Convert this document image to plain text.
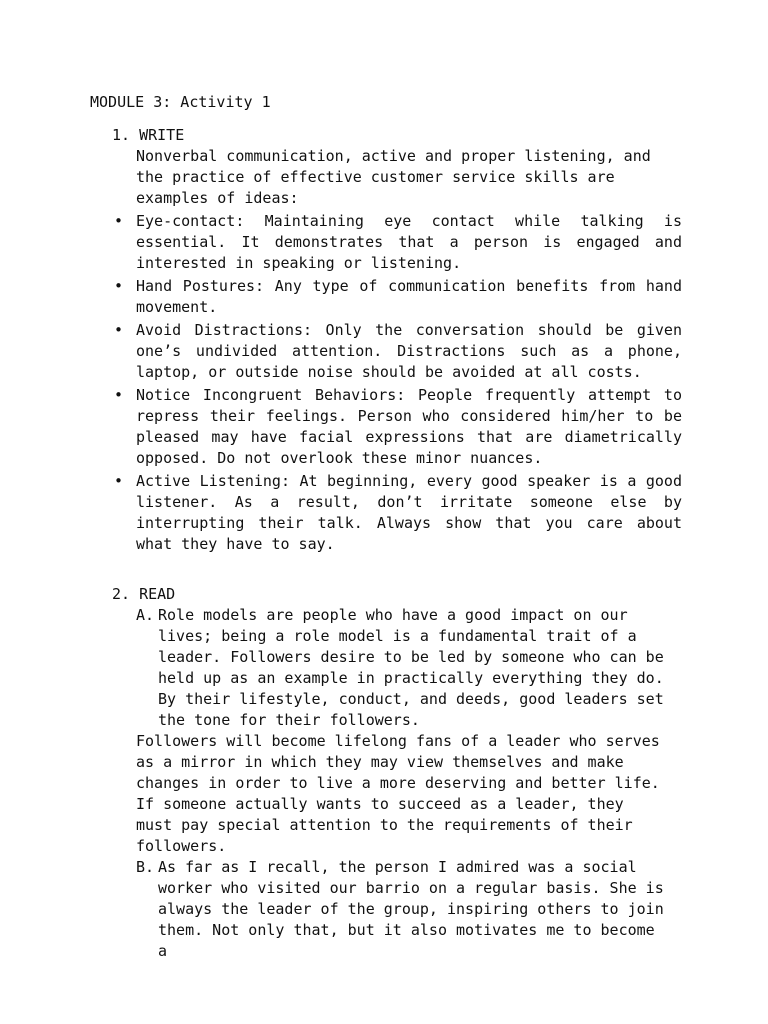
MODULE 3: Activity 1
1. WRITE
Nonverbal communication, active and proper listening, and the practice of effective customer service skills are examples of ideas:
• Eye-contact: Maintaining eye contact while talking is essential. It demonstrates that a person is engaged and interested in speaking or listening.
• Hand Postures: Any type of communication benefits from hand movement.
• Avoid Distractions: Only the conversation should be given one’s undivided attention. Distractions such as a phone, laptop, or outside noise should be avoided at all costs.
• Notice Incongruent Behaviors: People frequently attempt to repress their feelings. Person who considered him/her to be pleased may have facial expressions that are diametrically opposed. Do not overlook these minor nuances.
• Active Listening: At beginning, every good speaker is a good listener. As a result, don’t irritate someone else by interrupting their talk. Always show that you care about what they have to say.
2. READ
A. Role models are people who have a good impact on our lives; being a role model is a fundamental trait of a leader. Followers desire to be led by someone who can be held up as an example in practically everything they do. By their lifestyle, conduct, and deeds, good leaders set the tone for their followers.
Followers will become lifelong fans of a leader who serves as a mirror in which they may view themselves and make changes in order to live a more deserving and better life. If someone actually wants to succeed as a leader, they must pay special attention to the requirements of their followers.
B. As far as I recall, the person I admired was a social worker who visited our barrio on a regular basis. She is always the leader of the group, inspiring others to join them. Not only that, but it also motivates me to become a
